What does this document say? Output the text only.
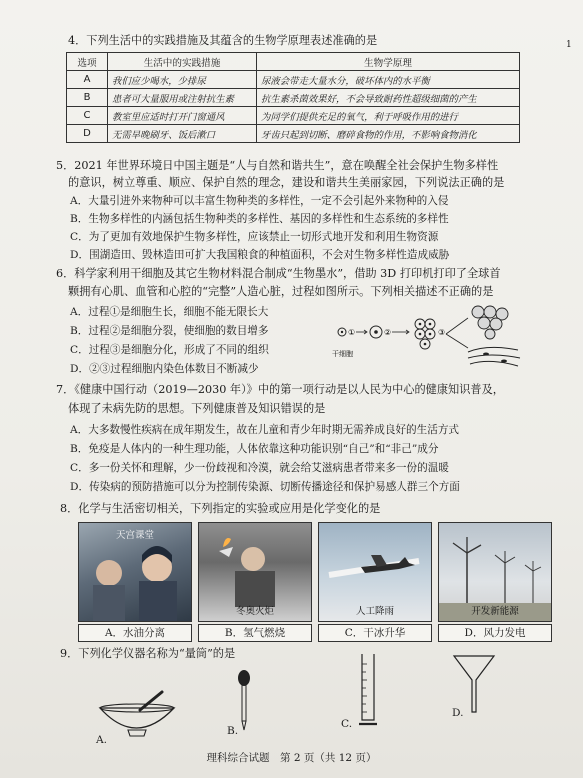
1
4．下列生活中的实践措施及其蕴含的生物学原理表述准确的是
选项	生活中的实践措施	生物学原理
A	我们应少喝水，少排尿	尿液会带走大量水分，破坏体内的水平衡
B	患者可大量服用或注射抗生素	抗生素杀菌效果好，不会导致耐药性超级细菌的产生
C	教室里应适时打开门窗通风	为同学们提供充足的氧气，利于呼吸作用的进行
D	无需早晚刷牙、饭后漱口	牙齿只起到切断、磨碎食物的作用，不影响食物消化
5．2021 年世界环境日中国主题是“人与自然和谐共生”，意在唤醒全社会保护生物多样性
的意识，树立尊重、顺应、保护自然的理念，建设和谐共生美丽家园，下列说法正确的是
A．大量引进外来物种可以丰富生物种类的多样性，一定不会引起外来物种的入侵
B．生物多样性的内涵包括生物种类的多样性、基因的多样性和生态系统的多样性
C．为了更加有效地保护生物多样性，应该禁止一切形式地开发和利用生物资源
D．围湖造田、毁林造田可扩大我国粮食的种植面积，不会对生物多样性造成威胁
6．科学家利用干细胞及其它生物材料混合制成“生物墨水”，借助 3D 打印机打印了全球首
颗拥有心肌、血管和心腔的“完整”人造心脏，过程如图所示。下列相关描述不正确的是
A．过程①是细胞生长，细胞不能无限长大
B．过程②是细胞分裂，使细胞的数目增多
C．过程③是细胞分化，形成了不同的组织
D．②③过程细胞内染色体数目不断减少
①	②	③
干细胞
7．《健康中国行动（2019—2030 年）》中的第一项行动是以人民为中心的健康知识普及，
体现了未病先防的思想。下列健康普及知识错误的是
A．大多数慢性疾病在成年期发生，故在儿童和青少年时期无需养成良好的生活方式
B．免疫是人体内的一种生理功能，人体依靠这种功能识别“自己”和“非己”成分
C．多一份关怀和理解，少一份歧视和冷漠，就会给艾滋病患者带来多一份的温暖
D．传染病的预防措施可以分为控制传染源、切断传播途径和保护易感人群三个方面
8．化学与生活密切相关，下列指定的实验或应用是化学变化的是
天宫课堂
冬奥火炬	人工降雨	开发新能源
A．水油分离	B．氢气燃烧	C．干冰升华	D．风力发电
9．下列化学仪器名称为“量筒”的是
A.
B.
C.
D.
理科综合试题　第 2 页（共 12 页）
